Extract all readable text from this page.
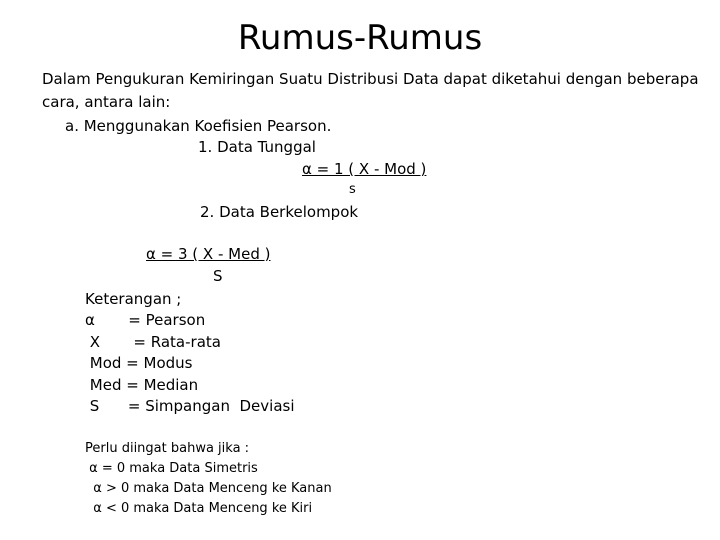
Rumus-Rumus
Dalam Pengukuran Kemiringan Suatu Distribusi Data dapat diketahui dengan beberapa
cara, antara lain:
a. Menggunakan Koefisien Pearson.
1. Data Tunggal
α = 1 ( X - Mod )
s
2. Data Berkelompok
α = 3 ( X - Med )
S
Keterangan ;
α       = Pearson
X       = Rata-rata
Mod = Modus
Med = Median
S      = Simpangan  Deviasi
Perlu diingat bahwa jika :
α = 0 maka Data Simetris
α > 0 maka Data Menceng ke Kanan
α < 0 maka Data Menceng ke Kiri
